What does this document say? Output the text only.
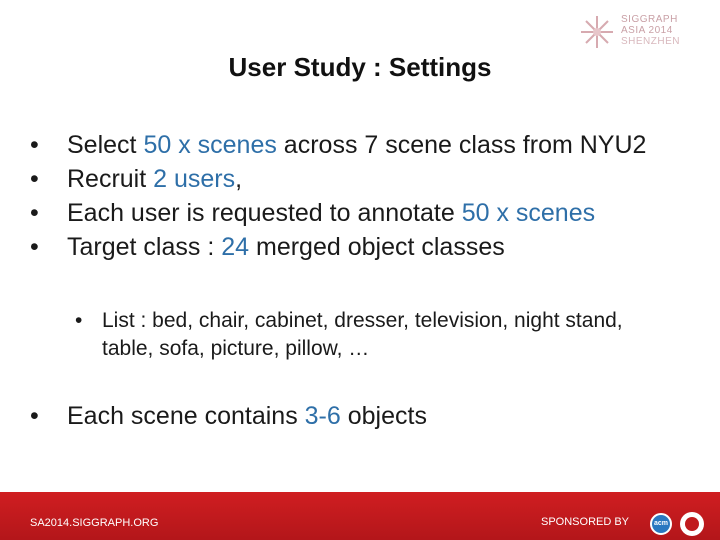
SIGGRAPH
ASIA 2014
SHENZHEN
User Study : Settings
• Select 50 x scenes across 7 scene class from NYU2
• Recruit 2 users,
• Each user is requested to annotate 50 x scenes
• Target class : 24 merged object classes
• List : bed, chair, cabinet, dresser, television, night stand, table, sofa, picture, pillow, …
• Each scene contains 3-6 objects
SA2014.SIGGRAPH.ORG	SPONSORED BY	acm
